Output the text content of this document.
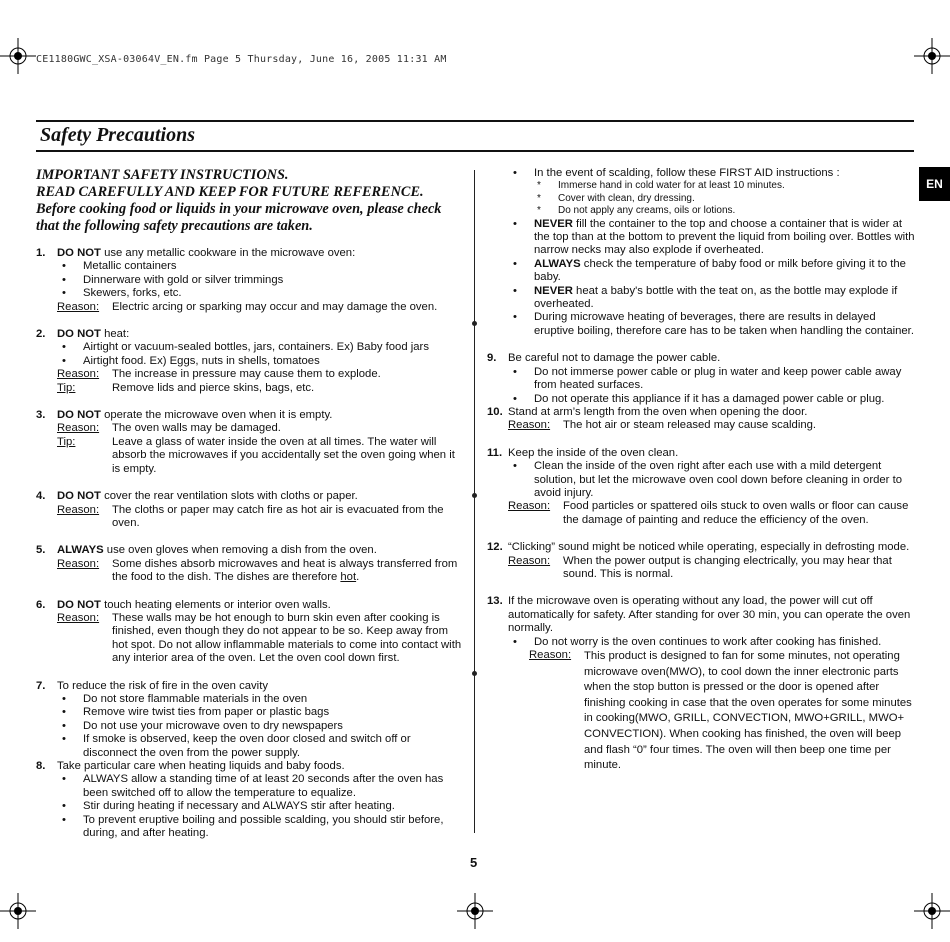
CE1180GWC_XSA-03064V_EN.fm Page 5 Thursday, June 16, 2005 11:31 AM
Safety Precautions
EN
IMPORTANT SAFETY INSTRUCTIONS.
READ CAREFULLY AND KEEP FOR FUTURE REFERENCE.
Before cooking food or liquids in your microwave oven, please check that the following safety precautions are taken.
1.	DO NOT use any metallic cookware in the microwave oven:
•	Metallic containers
•	Dinnerware with gold or silver trimmings
•	Skewers, forks, etc.
Reason:	Electric arcing or sparking may occur and may damage the oven.
2.	DO NOT heat:
•	Airtight or vacuum-sealed bottles, jars, containers. Ex) Baby food jars
•	Airtight food. Ex) Eggs, nuts in shells, tomatoes
Reason:	The increase in pressure may cause them to explode.
Tip:	Remove lids and pierce skins, bags, etc.
3.	DO NOT operate the microwave oven when it is empty.
Reason:	The oven walls may be damaged.
Tip:	Leave a glass of water inside the oven at all times. The water will absorb the microwaves if you accidentally set the oven going when it is empty.
4.	DO NOT cover the rear ventilation slots with cloths or paper.
Reason:	The cloths or paper may catch fire as hot air is evacuated from the oven.
5.	ALWAYS use oven gloves when removing a dish from the oven.
Reason:	Some dishes absorb microwaves and heat is always transferred from the food to the dish. The dishes are therefore hot.
6.	DO NOT touch heating elements or interior oven walls.
Reason:	These walls may be hot enough to burn skin even after cooking is finished, even though they do not appear to be so. Keep away from hot spot. Do not allow inflammable materials to come into contact with any interior area of the oven. Let the oven cool down first.
7.	To reduce the risk of fire in the oven cavity
•	Do not store flammable materials in the oven
•	Remove wire twist ties from paper or plastic bags
•	Do not use your microwave oven to dry newspapers
•	If smoke is observed, keep the oven door closed and switch off or disconnect the oven from the power supply.
8.	Take particular care when heating liquids and baby foods.
•	ALWAYS allow a standing time of at least 20 seconds after the oven has been switched off to allow the temperature to equalize.
•	Stir during heating if necessary and ALWAYS stir after heating.
•	To prevent eruptive boiling and possible scalding, you should stir before, during, and after heating.
•	In the event of scalding, follow these FIRST AID instructions :
*	Immerse hand in cold water for at least 10 minutes.
*	Cover with clean, dry dressing.
*	Do not apply any creams, oils or lotions.
•	NEVER fill the container to the top and choose a container that is wider at the top than at the bottom to prevent the liquid from boiling over. Bottles with narrow necks may also explode if overheated.
•	ALWAYS check the temperature of baby food or milk before giving it to the baby.
•	NEVER heat a baby's bottle with the teat on, as the bottle may explode if overheated.
•	During microwave heating of beverages, there are results in delayed eruptive boiling, therefore care has to be taken when handling the container.
9.	Be careful not to damage the power cable.
•	Do not immerse power cable or plug in water and keep power cable away from heated surfaces.
•	Do not operate this appliance if it has a damaged power cable or plug.
10. Stand at arm’s length from the oven when opening the door.
Reason:	The hot air or steam released may cause scalding.
11. Keep the inside of the oven clean.
•	Clean the inside of the oven right after each use with a mild detergent solution, but let the microwave oven cool down before cleaning in order to avoid injury.
Reason:	Food particles or spattered oils stuck to oven walls or floor can cause the damage of painting and reduce the efficiency of the oven.
12. “Clicking” sound might be noticed while operating, especially in defrosting mode.
Reason:	When the power output is changing electrically, you may hear that sound. This is normal.
13. If the microwave oven is operating without any load, the power will cut off automatically for safety. After standing for over 30 min, you can operate the oven normally.
•	Do not worry is the oven continues to work after cooking has finished.
Reason:	This product is designed to fan for some minutes, not operating microwave oven(MWO), to cool down the inner electronic parts when the stop button is pressed or the door is opened after finishing cooking in case that the oven operates for some minutes in cooking(MWO, GRILL, CONVECTION, MWO+GRILL, MWO+ CONVECTION). When cooking has finished, the oven will beep and flash “0” four times. The oven will then beep one time per minute.
5
